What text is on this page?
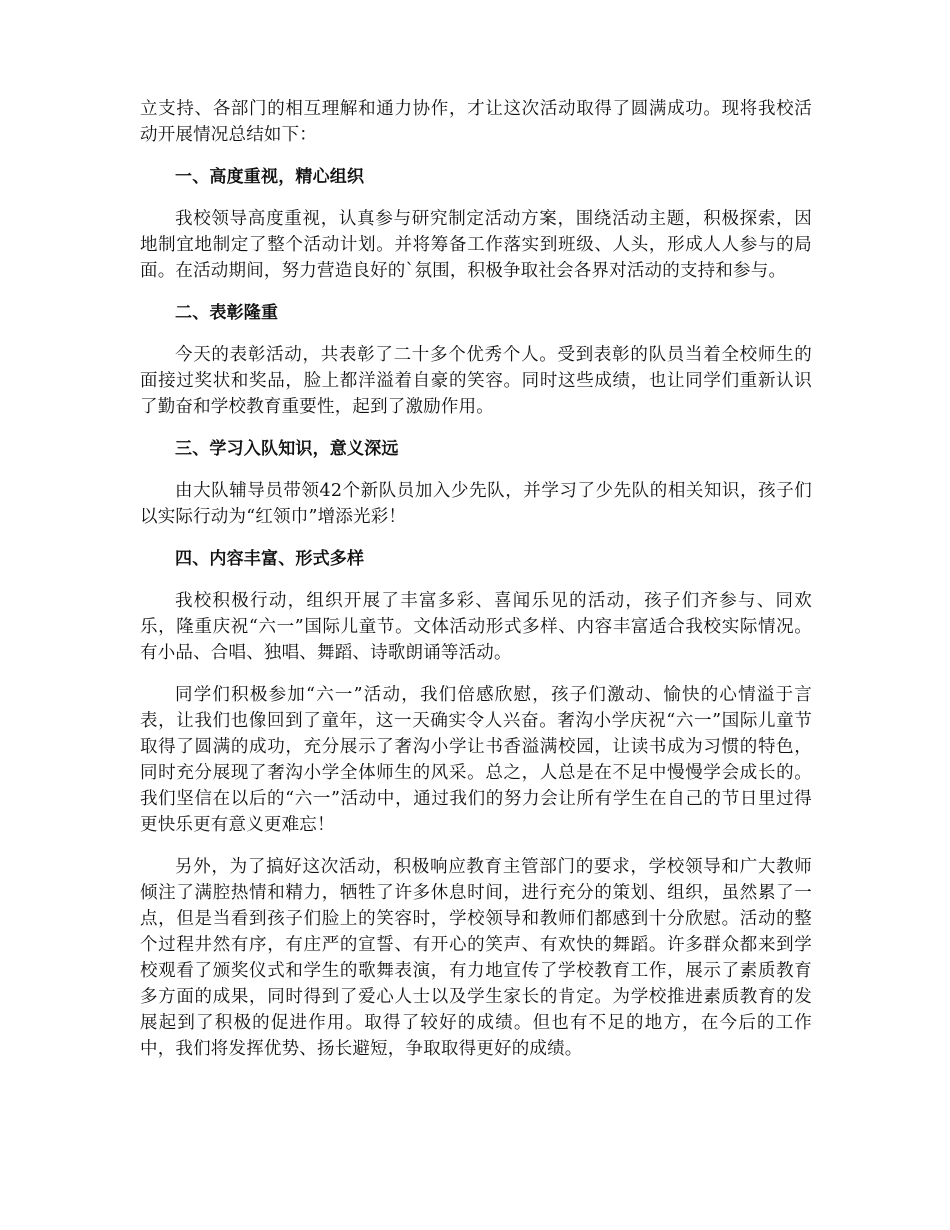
立支持、各部门的相互理解和通力协作，才让这次活动取得了圆满成功。现将我校活动开展情况总结如下：

一、高度重视，精心组织

我校领导高度重视，认真参与研究制定活动方案，围绕活动主题，积极探索，因地制宜地制定了整个活动计划。并将筹备工作落实到班级、人头，形成人人参与的局面。在活动期间，努力营造良好的`氛围，积极争取社会各界对活动的支持和参与。

二、表彰隆重

今天的表彰活动，共表彰了二十多个优秀个人。受到表彰的队员当着全校师生的面接过奖状和奖品，脸上都洋溢着自豪的笑容。同时这些成绩，也让同学们重新认识了勤奋和学校教育重要性，起到了激励作用。

三、学习入队知识，意义深远

由大队辅导员带领42个新队员加入少先队，并学习了少先队的相关知识，孩子们以实际行动为“红领巾”增添光彩！

四、内容丰富、形式多样

我校积极行动，组织开展了丰富多彩、喜闻乐见的活动，孩子们齐参与、同欢乐，隆重庆祝“六一”国际儿童节。文体活动形式多样、内容丰富适合我校实际情况。有小品、合唱、独唱、舞蹈、诗歌朗诵等活动。

同学们积极参加“六一”活动，我们倍感欣慰，孩子们激动、愉快的心情溢于言表，让我们也像回到了童年，这一天确实令人兴奋。奢沟小学庆祝“六一”国际儿童节取得了圆满的成功，充分展示了奢沟小学让书香溢满校园，让读书成为习惯的特色，同时充分展现了奢沟小学全体师生的风采。总之，人总是在不足中慢慢学会成长的。我们坚信在以后的“六一”活动中，通过我们的努力会让所有学生在自己的节日里过得更快乐更有意义更难忘！

另外，为了搞好这次活动，积极响应教育主管部门的要求，学校领导和广大教师倾注了满腔热情和精力，牺牲了许多休息时间，进行充分的策划、组织，虽然累了一点，但是当看到孩子们脸上的笑容时，学校领导和教师们都感到十分欣慰。活动的整个过程井然有序，有庄严的宣誓、有开心的笑声、有欢快的舞蹈。许多群众都来到学校观看了颁奖仪式和学生的歌舞表演，有力地宣传了学校教育工作，展示了素质教育多方面的成果，同时得到了爱心人士以及学生家长的肯定。为学校推进素质教育的发展起到了积极的促进作用。取得了较好的成绩。但也有不足的地方，在今后的工作中，我们将发挥优势、扬长避短，争取取得更好的成绩。
